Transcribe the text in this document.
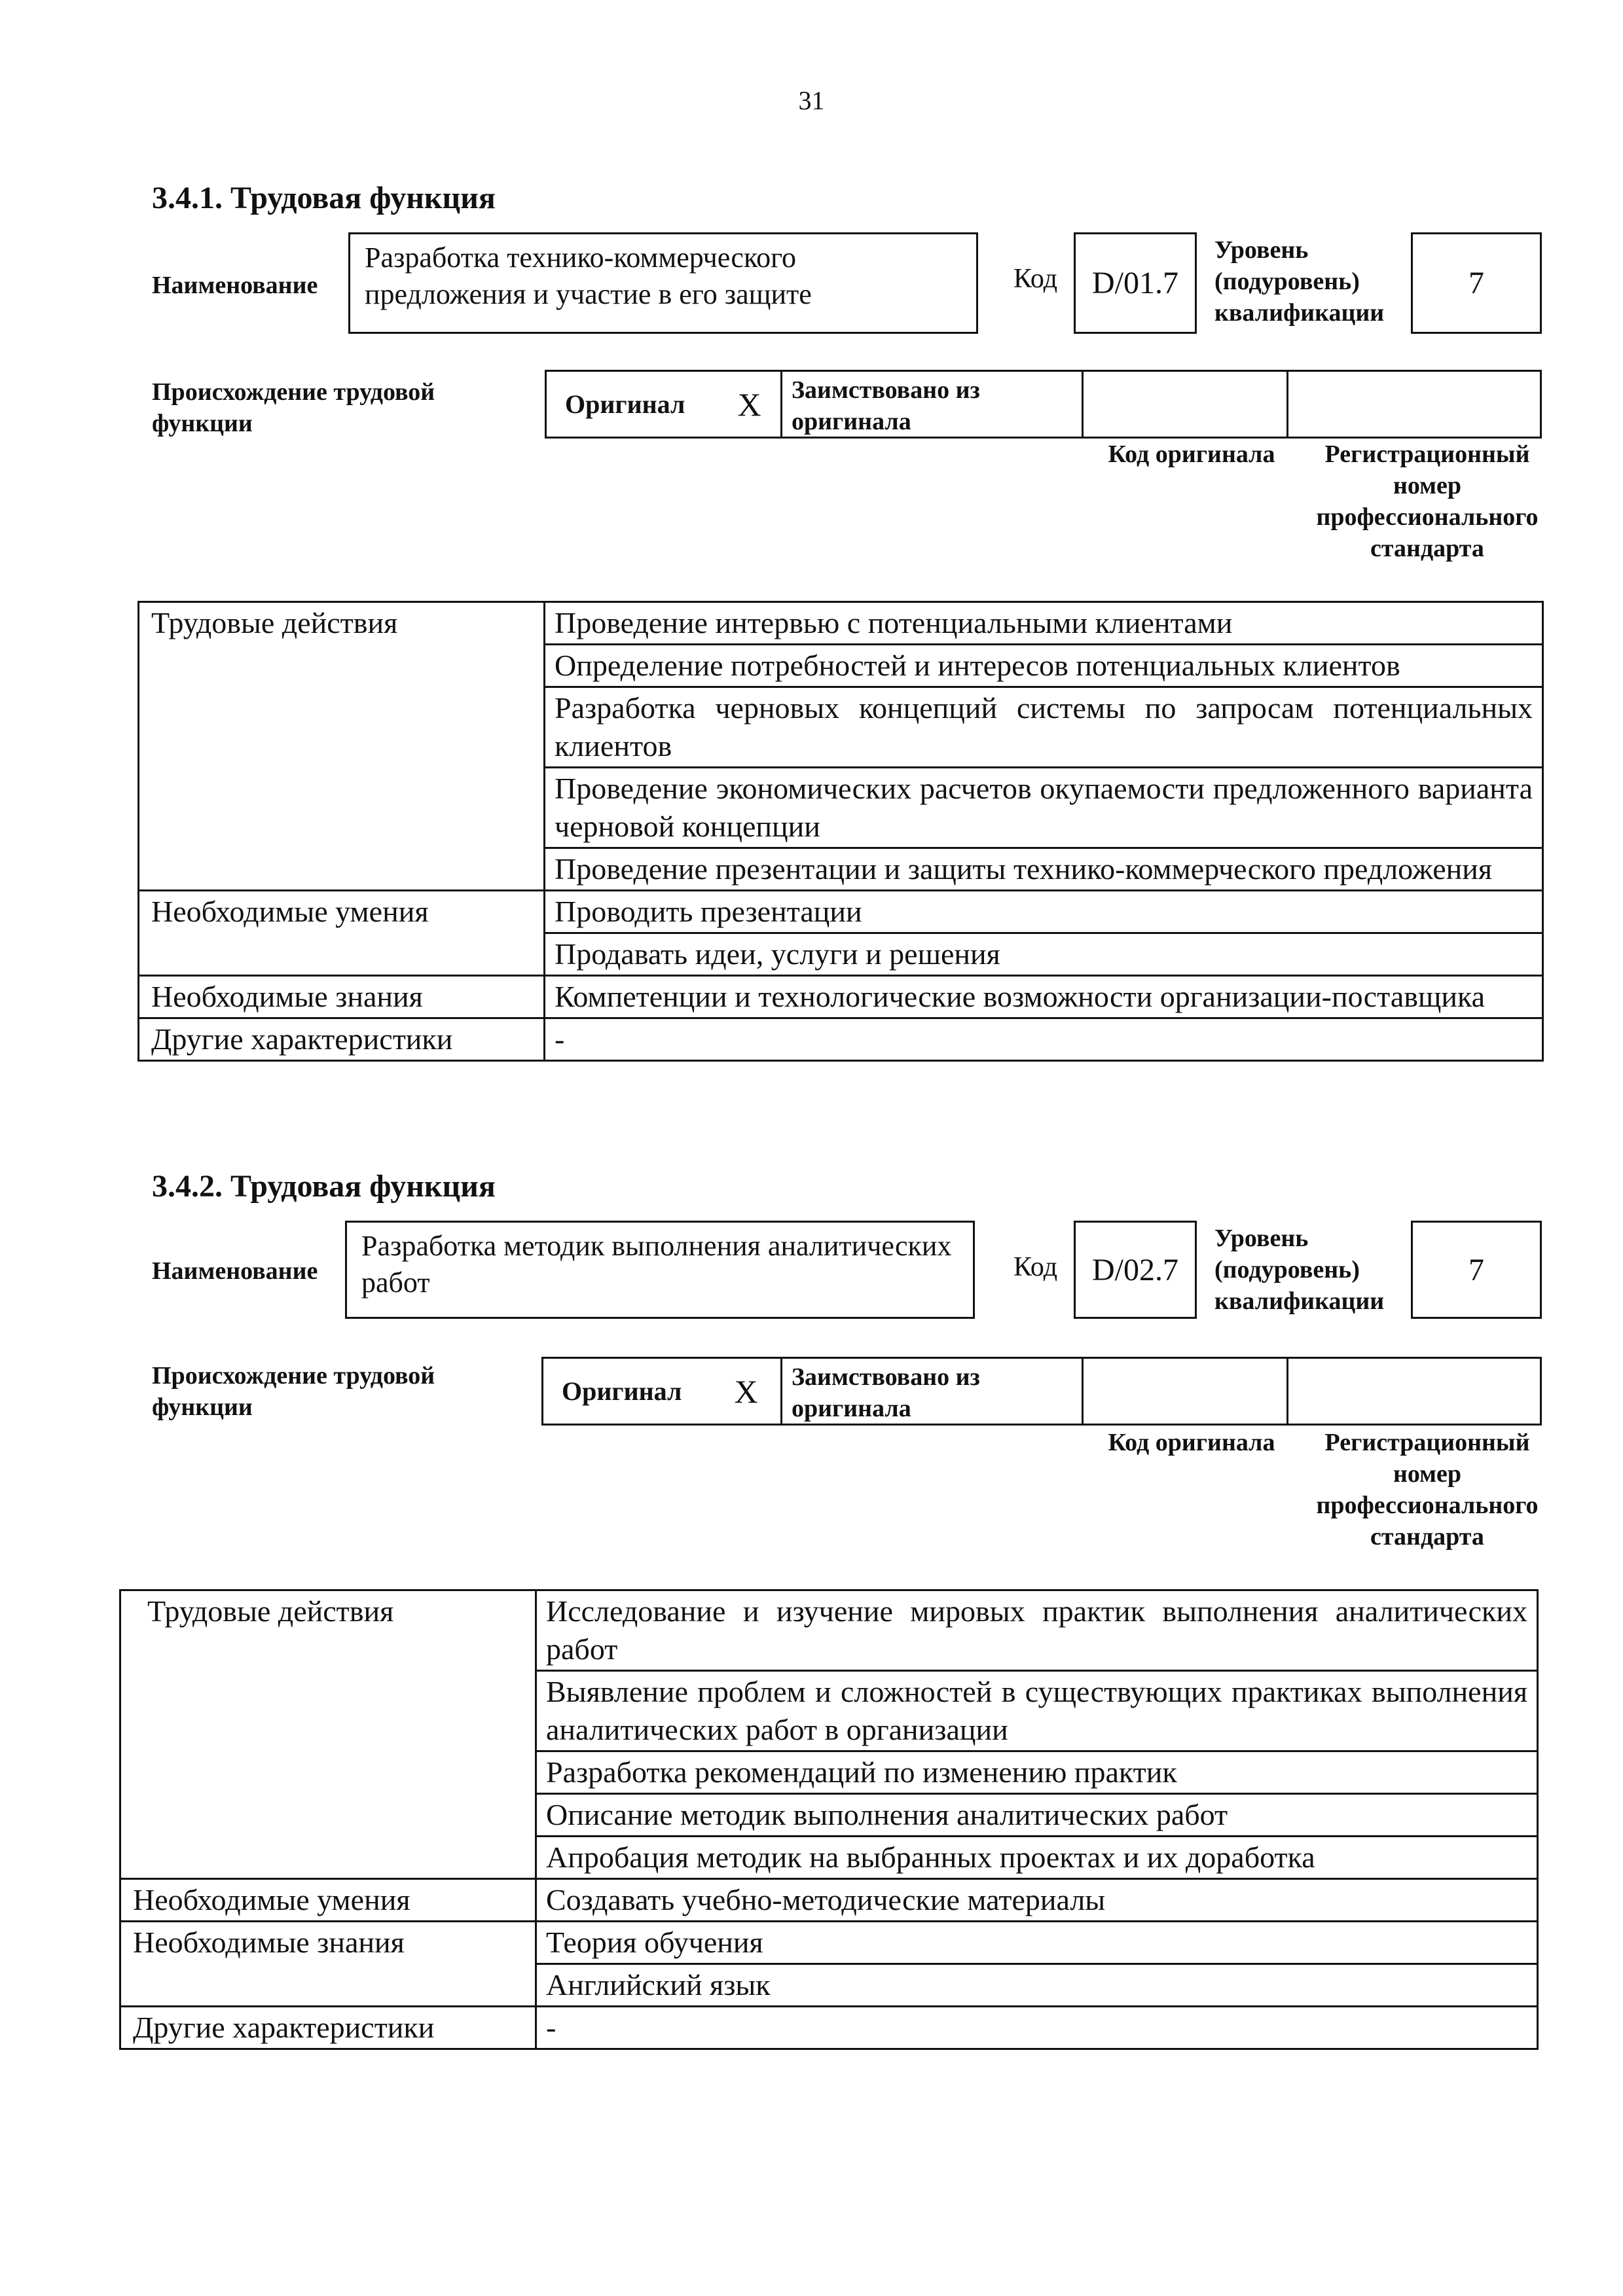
31
3.4.1. Трудовая функция
Наименование
Разработка технико-коммерческого предложения и участие в его защите	Код	D/01.7
Уровень (подуровень) квалификации
7
Происхождение трудовой функции
Оригинал X	Заимствовано из оригинала
Код оригинала	Регистрационный номер профессионального стандарта
Трудовые действия	Проведение интервью с потенциальными клиентами
	Определение потребностей и интересов потенциальных клиентов
	Разработка черновых концепций системы по запросам потенциальных клиентов
	Проведение экономических расчетов окупаемости предложенного варианта черновой концепции
	Проведение презентации и защиты технико-коммерческого предложения
Необходимые умения	Проводить презентации
	Продавать идеи, услуги и решения
Необходимые знания	Компетенции и технологические возможности организации-поставщика
Другие характеристики	-
3.4.2. Трудовая функция
Наименование
Разработка методик выполнения аналитических работ	Код	D/02.7
Уровень (подуровень) квалификации
7
Происхождение трудовой функции
Оригинал X	Заимствовано из оригинала
Код оригинала	Регистрационный номер профессионального стандарта
Трудовые действия	Исследование и изучение мировых практик выполнения аналитических работ
	Выявление проблем и сложностей в существующих практиках выполнения аналитических работ в организации
	Разработка рекомендаций по изменению практик
	Описание методик выполнения аналитических работ
	Апробация методик на выбранных проектах и их доработка
Необходимые умения	Создавать учебно-методические материалы
Необходимые знания	Теория обучения
	Английский язык
Другие характеристики	-
